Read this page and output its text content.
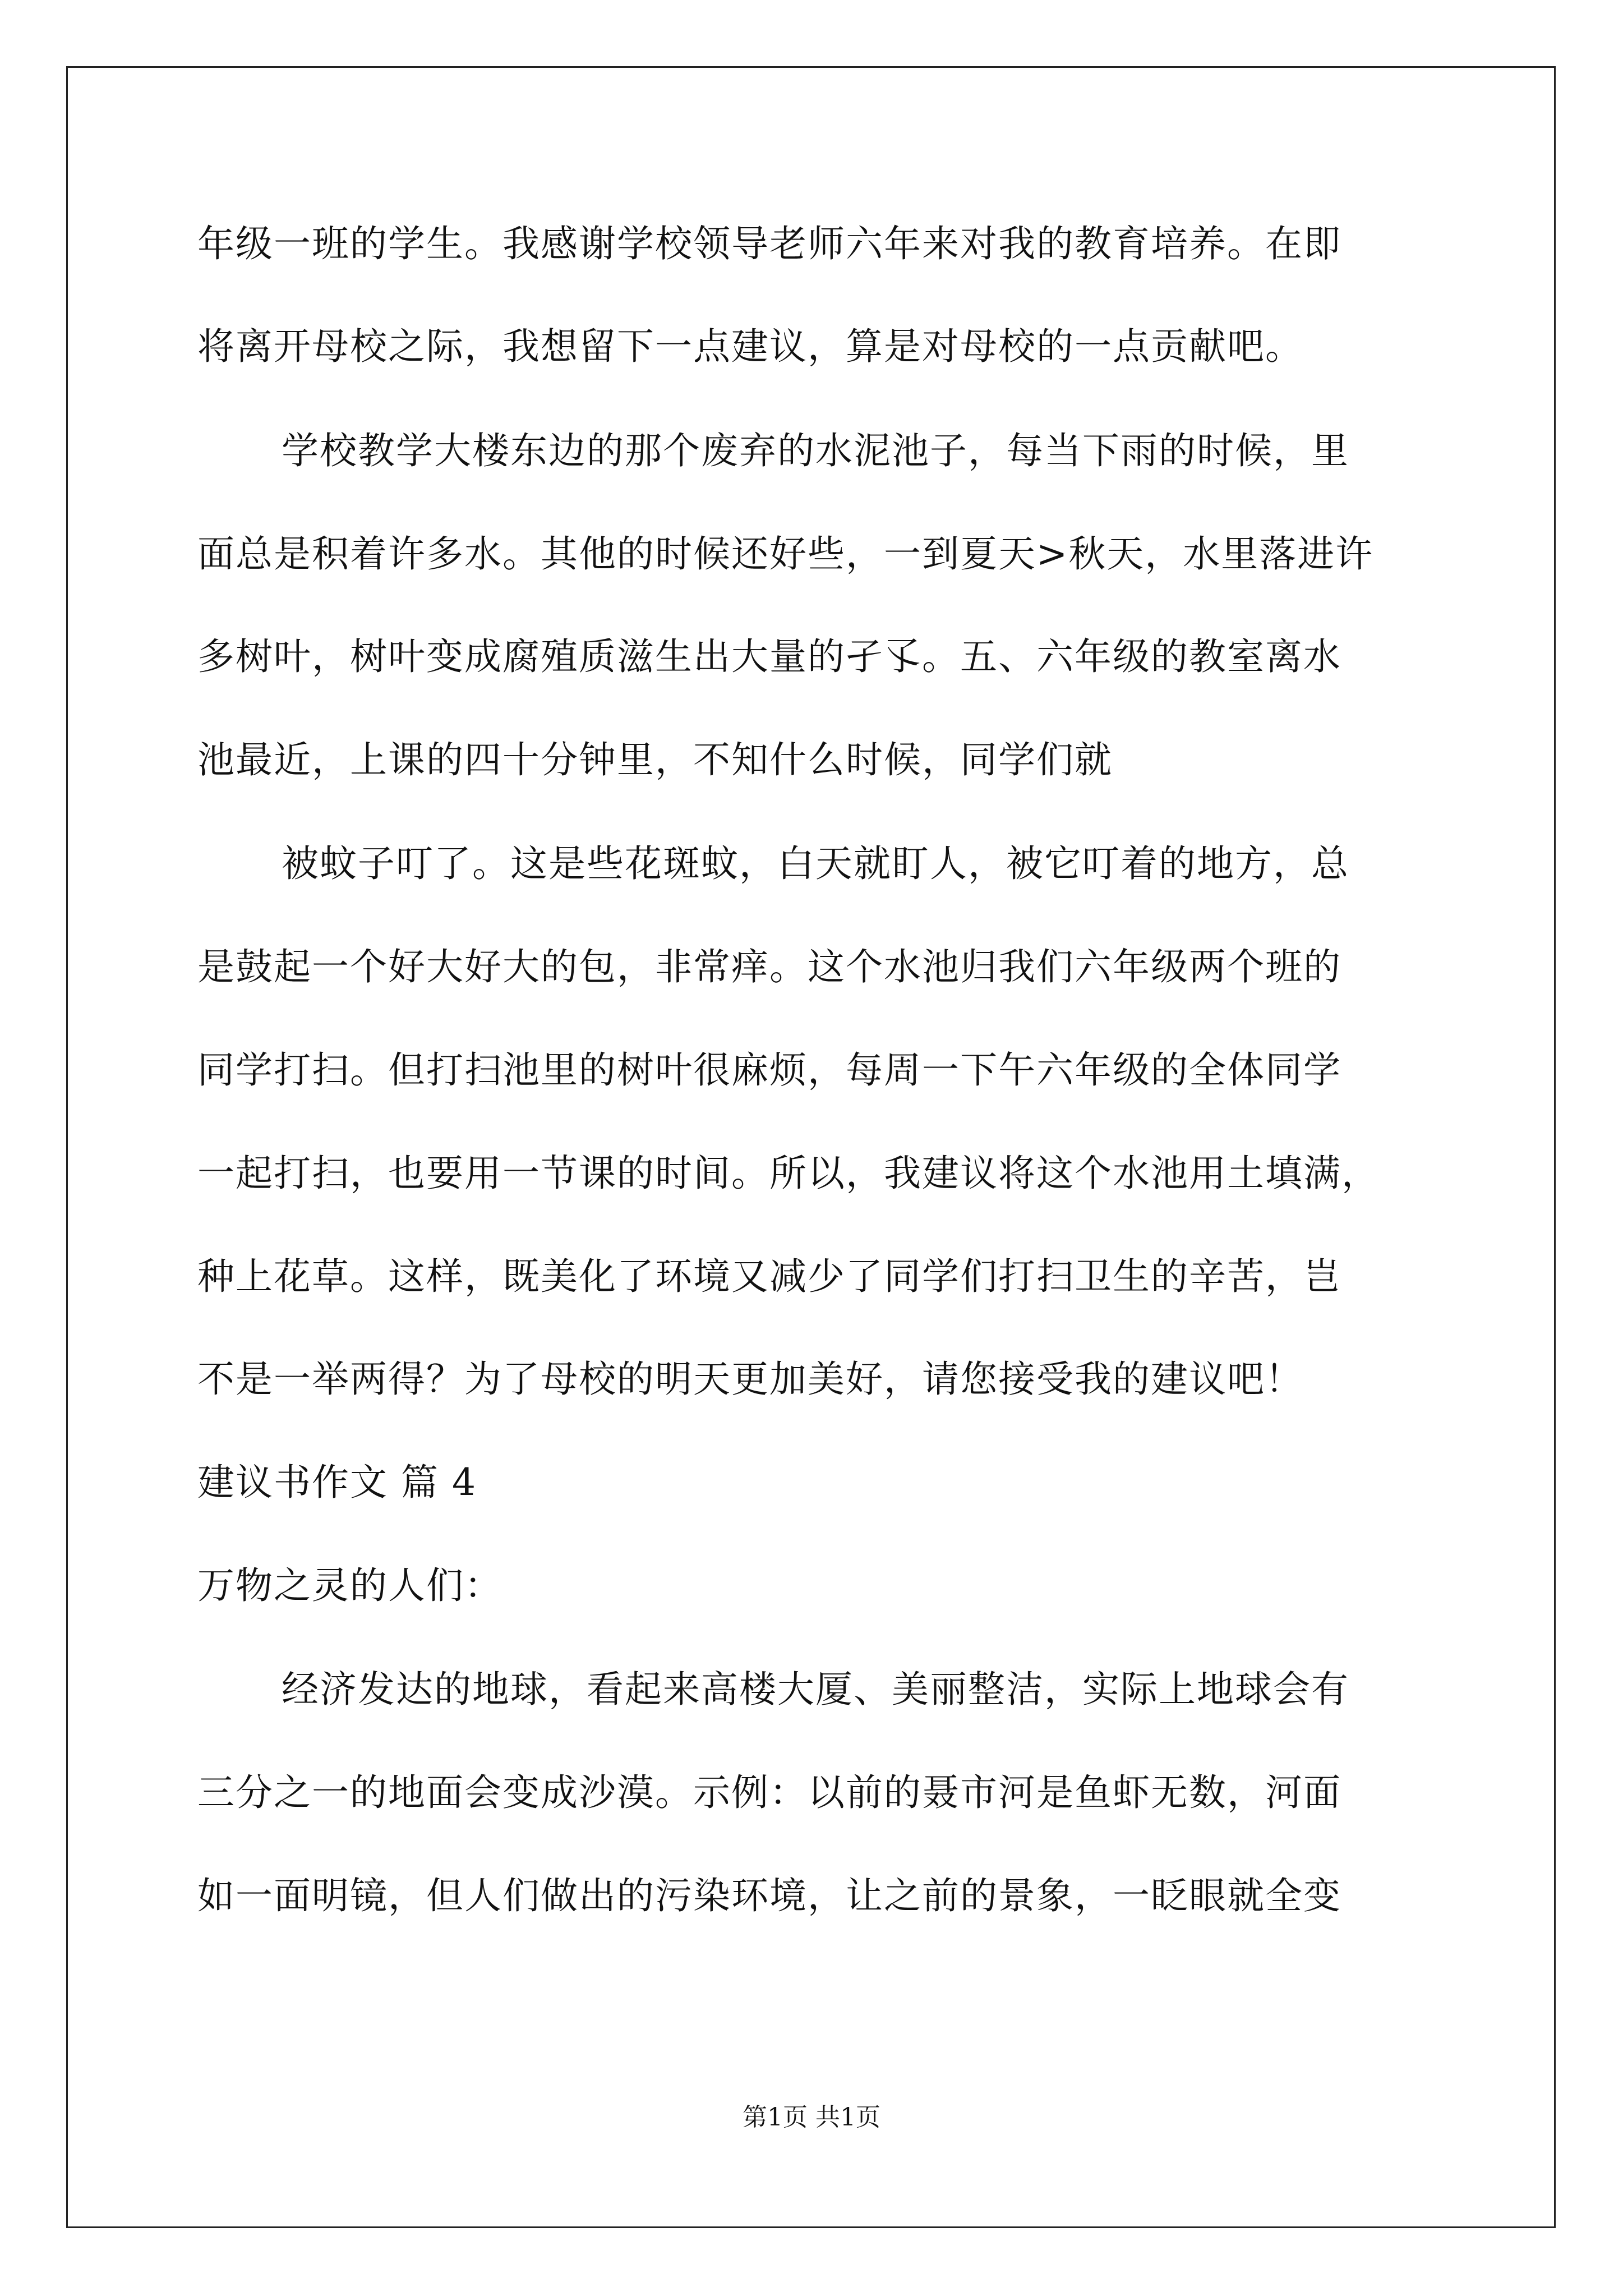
年级一班的学生。我感谢学校领导老师六年来对我的教育培养。在即
将离开母校之际，我想留下一点建议，算是对母校的一点贡献吧。
学校教学大楼东边的那个废弃的水泥池子，每当下雨的时候，里
面总是积着许多水。其他的时候还好些，一到夏天>秋天，水里落进许
多树叶，树叶变成腐殖质滋生出大量的孑孓。五、六年级的教室离水
池最近，上课的四十分钟里，不知什么时候，同学们就
被蚊子叮了。这是些花斑蚊，白天就盯人，被它叮着的地方，总
是鼓起一个好大好大的包，非常痒。这个水池归我们六年级两个班的
同学打扫。但打扫池里的树叶很麻烦，每周一下午六年级的全体同学
一起打扫，也要用一节课的时间。所以，我建议将这个水池用土填满，
种上花草。这样，既美化了环境又减少了同学们打扫卫生的辛苦，岂
不是一举两得？为了母校的明天更加美好，请您接受我的建议吧！
建议书作文 篇 4
万物之灵的人们：
经济发达的地球，看起来高楼大厦、美丽整洁，实际上地球会有
三分之一的地面会变成沙漠。示例：以前的聂市河是鱼虾无数，河面
如一面明镜，但人们做出的污染环境，让之前的景象，一眨眼就全变
第1页 共1页
